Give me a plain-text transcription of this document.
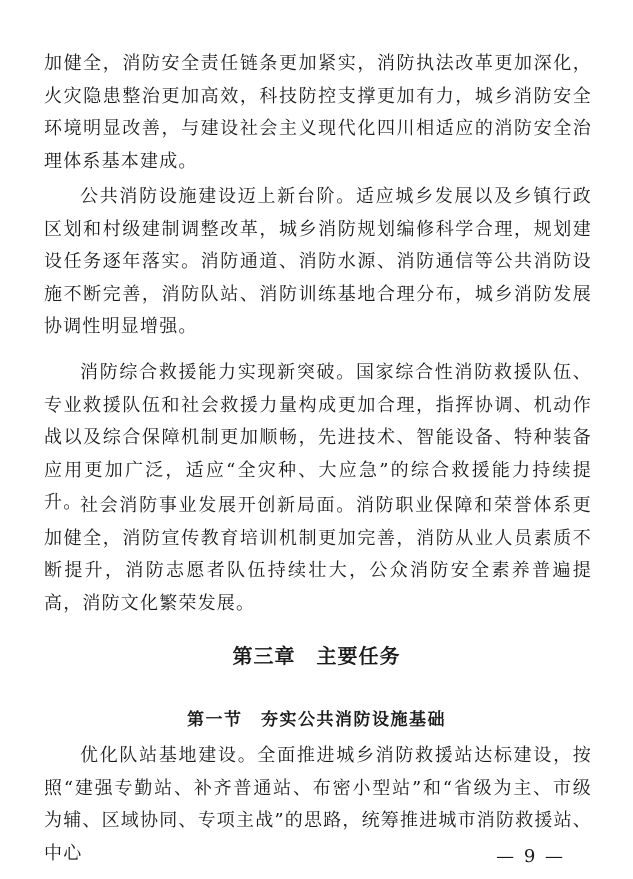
加健全，消防安全责任链条更加紧实，消防执法改革更加深化，火灾隐患整治更加高效，科技防控支撑更加有力，城乡消防安全环境明显改善，与建设社会主义现代化四川相适应的消防安全治理体系基本建成。

公共消防设施建设迈上新台阶。适应城乡发展以及乡镇行政区划和村级建制调整改革，城乡消防规划编修科学合理，规划建设任务逐年落实。消防通道、消防水源、消防通信等公共消防设施不断完善，消防队站、消防训练基地合理分布，城乡消防发展协调性明显增强。

消防综合救援能力实现新突破。国家综合性消防救援队伍、专业救援队伍和社会救援力量构成更加合理，指挥协调、机动作战以及综合保障机制更加顺畅，先进技术、智能设备、特种装备应用更加广泛，适应“全灾种、大应急”的综合救援能力持续提升。

社会消防事业发展开创新局面。消防职业保障和荣誉体系更加健全，消防宣传教育培训机制更加完善，消防从业人员素质不断提升，消防志愿者队伍持续壮大，公众消防安全素养普遍提高，消防文化繁荣发展。

第三章　主要任务
第一节　夯实公共消防设施基础

优化队站基地建设。全面推进城乡消防救援站达标建设，按照“建强专勤站、补齐普通站、布密小型站”和“省级为主、市级为辅、区域协同、专项主战”的思路，统筹推进城市消防救援站、中心	— 9 —
